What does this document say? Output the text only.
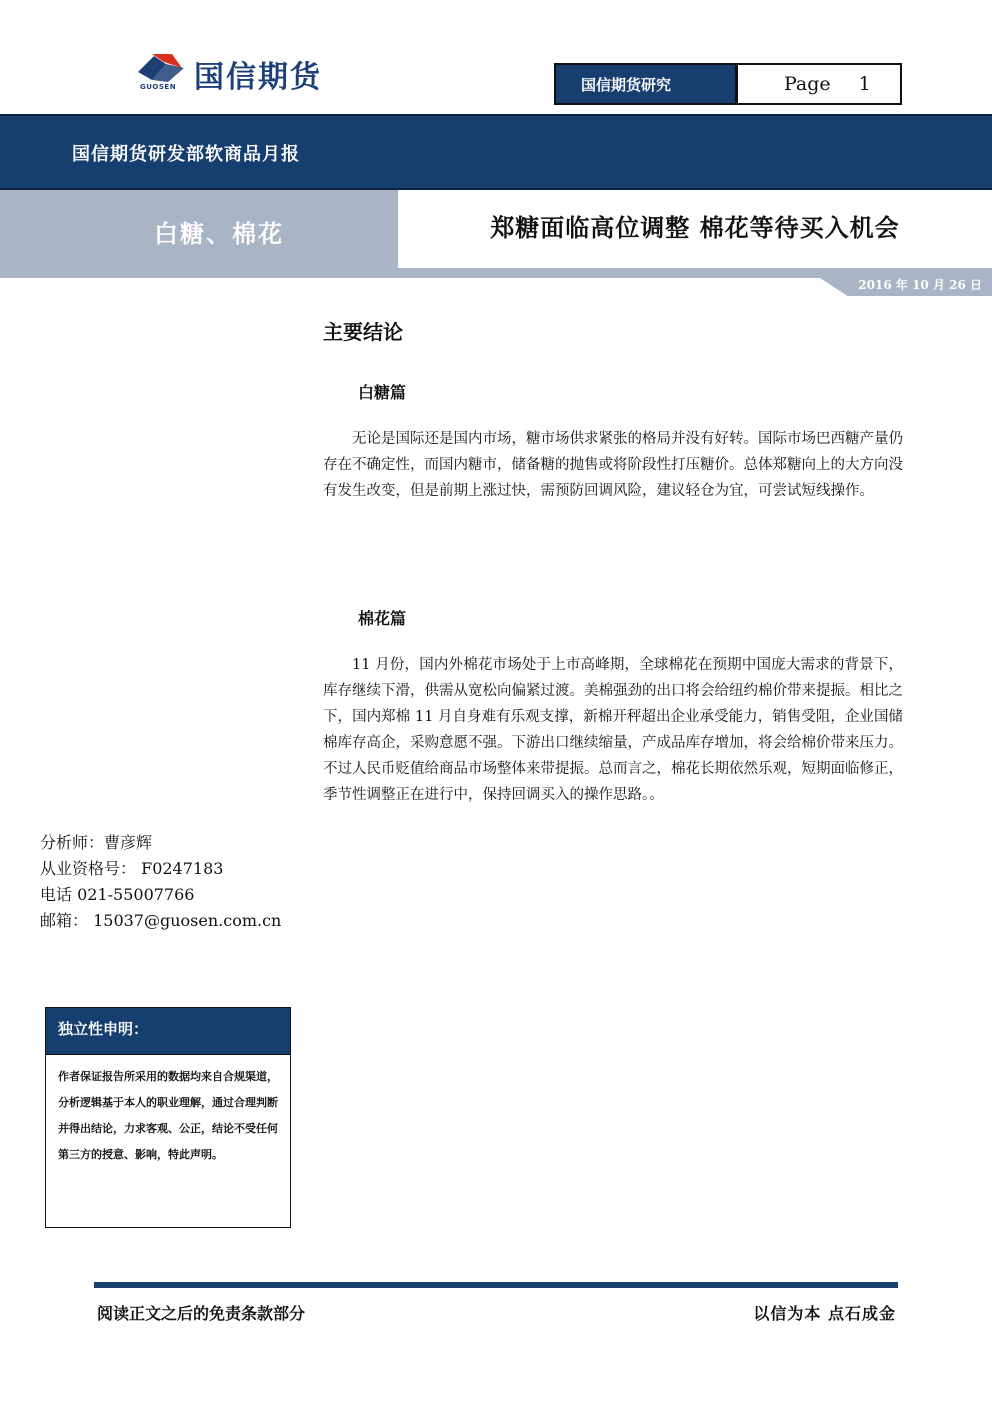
GUOSEN 国信期货	国信期货研究	Page 1
国信期货研发部软商品月报
白糖、棉花	郑糖面临高位调整 棉花等待买入机会
2016 年 10 月 26 日
主要结论
白糖篇
无论是国际还是国内市场，糖市场供求紧张的格局并没有好转。国际市场巴西糖产量仍存在不确定性，而国内糖市，储备糖的抛售或将阶段性打压糖价。总体郑糖向上的大方向没有发生改变，但是前期上涨过快，需预防回调风险，建议轻仓为宜，可尝试短线操作。
棉花篇
11 月份，国内外棉花市场处于上市高峰期，全球棉花在预期中国庞大需求的背景下，库存继续下滑，供需从宽松向偏紧过渡。美棉强劲的出口将会给纽约棉价带来提振。相比之下，国内郑棉 11 月自身难有乐观支撑，新棉开秤超出企业承受能力，销售受阻，企业国储棉库存高企，采购意愿不强。下游出口继续缩量，产成品库存增加，将会给棉价带来压力。不过人民币贬值给商品市场整体来带提振。总而言之，棉花长期依然乐观，短期面临修正，季节性调整正在进行中，保持回调买入的操作思路。。
分析师：曹彦辉
从业资格号： F0247183
电话 021-55007766
邮箱： 15037@guosen.com.cn
独立性申明：
作者保证报告所采用的数据均来自合规渠道， 分析逻辑基于本人的职业理解，通过合理判断 并得出结论，力求客观、公正，结论不受任何第三方的授意、影响，特此声明。
阅读正文之后的免责条款部分	以信为本 点石成金
